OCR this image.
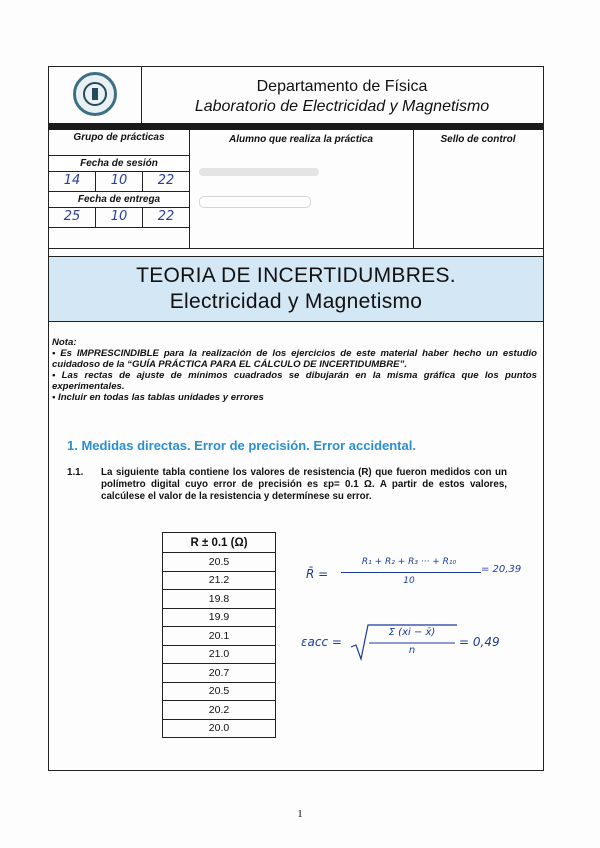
Departamento de Física
Laboratorio de Electricidad y Magnetismo
Grupo de prácticas
Fecha de sesión
14	10	22
Fecha de entrega
25	10	22
Alumno que realiza la práctica	Sello de control
TEORIA DE INCERTIDUMBRES.
Electricidad y Magnetismo

Nota:

• Es IMPRESCINDIBLE para la realización de los ejercicios de este material haber hecho un estudio cuidadoso de la “GUÍA PRÁCTICA PARA EL CÁLCULO DE INCERTIDUMBRE”.

• Las rectas de ajuste de mínimos cuadrados se dibujarán en la misma gráfica que los puntos experimentales.

• Incluir en todas las tablas unidades y errores

1. Medidas directas. Error de precisión. Error accidental.
1.1. La siguiente tabla contiene los valores de resistencia (R) que fueron medidos con un polímetro digital cuyo error de precisión es εp= 0.1 Ω. A partir de estos valores, calcúlese el valor de la resistencia y determínese su error.
R ± 0.1 (Ω)
20.5
21.2
19.8
19.9
20.1
21.0
20.7
20.5
20.2
20.0
R̄ =
R₁ + R₂ + R₃ ··· + R₁₀
10
= 20,39
εacc =
Σ (xi − x̄)
n
= 0,49
1
